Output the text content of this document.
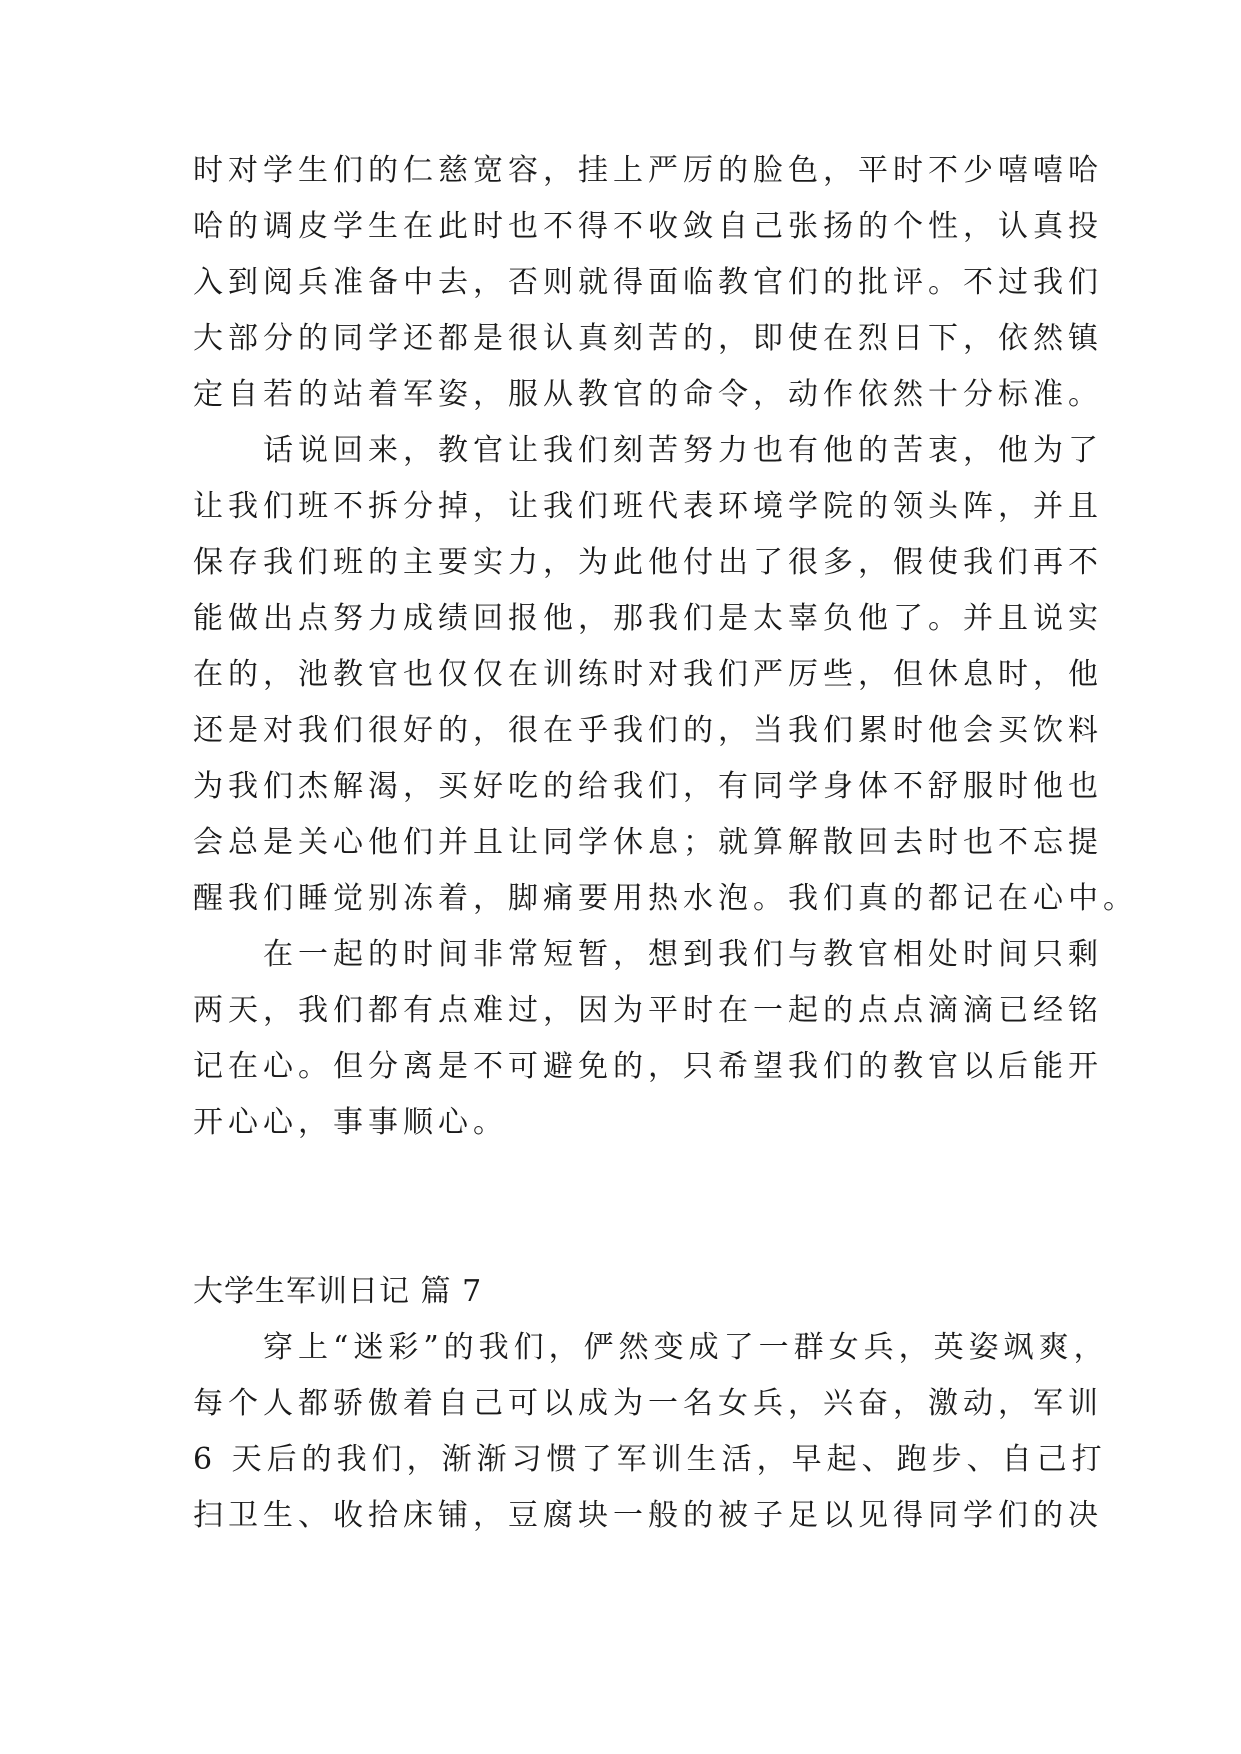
时对学生们的仁慈宽容，挂上严厉的脸色，平时不少嘻嘻哈
哈的调皮学生在此时也不得不收敛自己张扬的个性，认真投
入到阅兵准备中去，否则就得面临教官们的批评。不过我们
大部分的同学还都是很认真刻苦的，即使在烈日下，依然镇
定自若的站着军姿，服从教官的命令，动作依然十分标准。

　　话说回来，教官让我们刻苦努力也有他的苦衷，他为了
让我们班不拆分掉，让我们班代表环境学院的领头阵，并且
保存我们班的主要实力，为此他付出了很多，假使我们再不
能做出点努力成绩回报他，那我们是太辜负他了。并且说实
在的，池教官也仅仅在训练时对我们严厉些，但休息时，他
还是对我们很好的，很在乎我们的，当我们累时他会买饮料
为我们杰解渴，买好吃的给我们，有同学身体不舒服时他也
会总是关心他们并且让同学休息；就算解散回去时也不忘提
醒我们睡觉别冻着，脚痛要用热水泡。我们真的都记在心中。

　　在一起的时间非常短暂，想到我们与教官相处时间只剩
两天，我们都有点难过，因为平时在一起的点点滴滴已经铭
记在心。但分离是不可避免的，只希望我们的教官以后能开
开心心，事事顺心。

大学生军训日记 篇 7

　　穿上“迷彩”的我们，俨然变成了一群女兵，英姿飒爽，
每个人都骄傲着自己可以成为一名女兵，兴奋，激动，军训
6 天后的我们，渐渐习惯了军训生活，早起、跑步、自己打
扫卫生、收拾床铺，豆腐块一般的被子足以见得同学们的决
